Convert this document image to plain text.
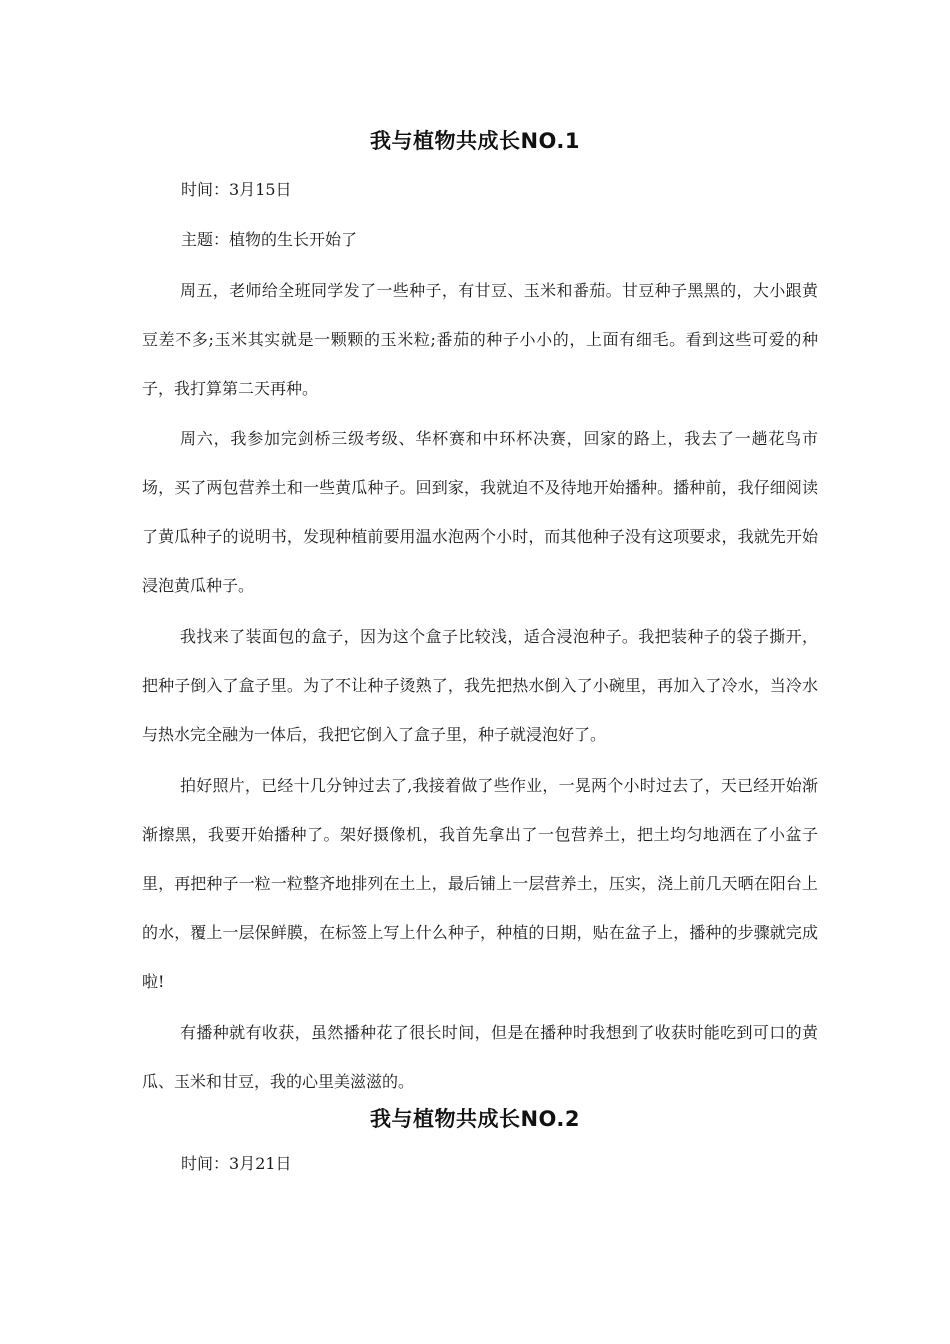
我与植物共成长NO.1
时间：3月15日
主题：植物的生长开始了

周五，老师给全班同学发了一些种子，有甘豆、玉米和番茄。甘豆种子黑黑的，大小跟黄豆差不多;玉米其实就是一颗颗的玉米粒;番茄的种子小小的，上面有细毛。看到这些可爱的种子，我打算第二天再种。

周六，我参加完剑桥三级考级、华杯赛和中环杯决赛，回家的路上，我去了一趟花鸟市场，买了两包营养土和一些黄瓜种子。回到家，我就迫不及待地开始播种。播种前，我仔细阅读了黄瓜种子的说明书，发现种植前要用温水泡两个小时，而其他种子没有这项要求，我就先开始浸泡黄瓜种子。

我找来了装面包的盒子，因为这个盒子比较浅，适合浸泡种子。我把装种子的袋子撕开，把种子倒入了盒子里。为了不让种子烫熟了，我先把热水倒入了小碗里，再加入了冷水，当冷水与热水完全融为一体后，我把它倒入了盒子里，种子就浸泡好了。

拍好照片，已经十几分钟过去了,我接着做了些作业，一晃两个小时过去了，天已经开始渐渐擦黑，我要开始播种了。架好摄像机，我首先拿出了一包营养土，把土均匀地洒在了小盆子里，再把种子一粒一粒整齐地排列在土上，最后铺上一层营养土，压实，浇上前几天晒在阳台上的水，覆上一层保鲜膜，在标签上写上什么种子，种植的日期，贴在盆子上，播种的步骤就完成啦!

有播种就有收获，虽然播种花了很长时间，但是在播种时我想到了收获时能吃到可口的黄瓜、玉米和甘豆，我的心里美滋滋的。

我与植物共成长NO.2
时间：3月21日
